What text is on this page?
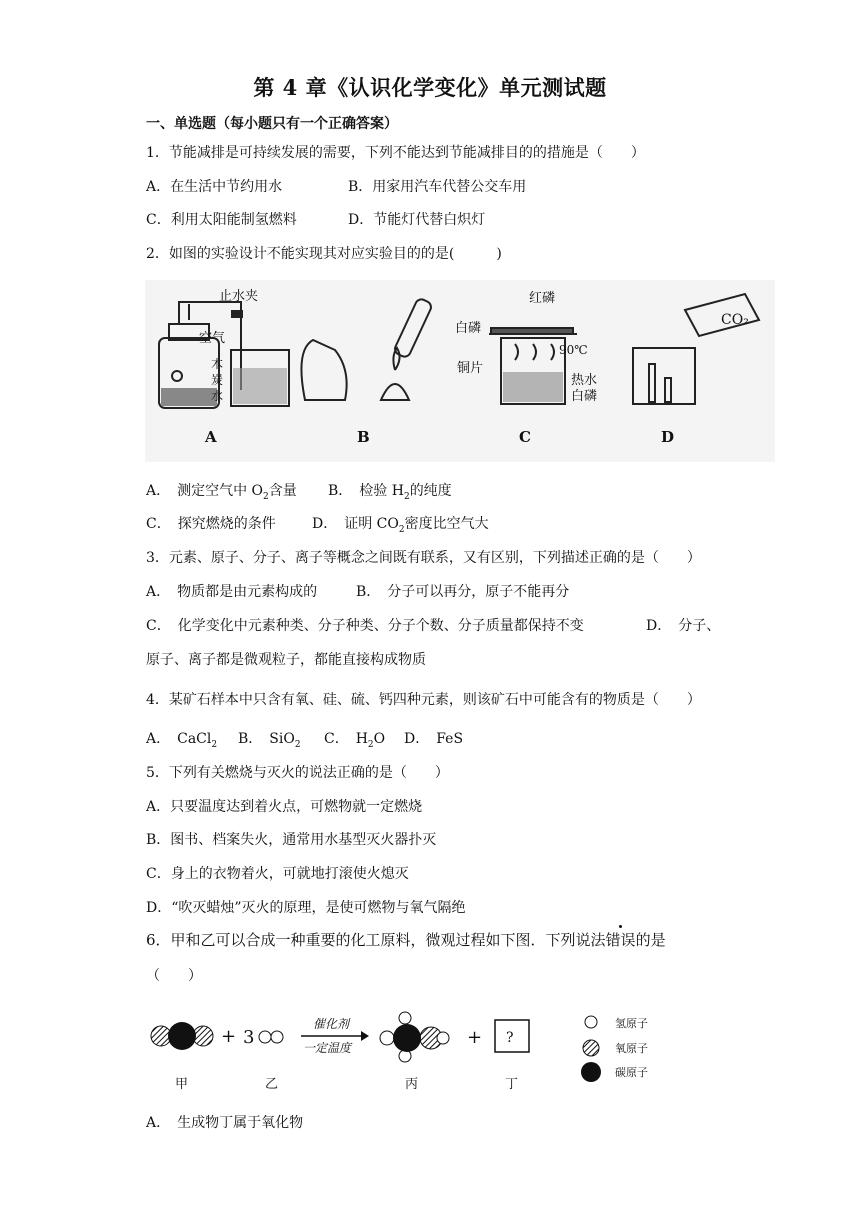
第 4 章《认识化学变化》单元测试题
一、单选题（每小题只有一个正确答案）
1．节能减排是可持续发展的需要，下列不能达到节能减排目的的措施是（　　）
A．在生活中节约用水	B．用家用汽车代替公交车用
C．利用太阳能制氢燃料	D．节能灯代替白炽灯
2．如图的实验设计不能实现其对应实验目的的是(　　　)
止水夹
空气
木
炭
水
A	B
红磷
白磷
铜片
90℃
热水
白磷
C
CO₂
D
A．　测定空气中 $O_2$含量 B．　检验 $H_2$的纯度
C．　探究燃烧的条件	D．　证明 $CO_2$密度比空气大
3．元素、原子、分子、离子等概念之间既有联系，又有区别，下列描述正确的是（　　）
A．　物质都是由元素构成的	B．　分子可以再分，原子不能再分
C．　化学变化中元素种类、分子种类、分子个数、分子质量都保持不变	D．　分子、
原子、离子都是微观粒子，都能直接构成物质
4．某矿石样本中只含有氧、硅、硫、钙四种元素，则该矿石中可能含有的物质是（　　）
A．　CaCl$_2$ B．　SiO$_2$ C．　$H_2O$ D．　FeS
5．下列有关燃烧与灭火的说法正确的是（　　）
A．只要温度达到着火点，可燃物就一定燃烧
B．图书、档案失火，通常用水基型灭火器扑灭
C．身上的衣物着火，可就地打滚使火熄灭
D．“吹灭蜡烛”灭火的原理，是使可燃物与氧气隔绝
6．甲和乙可以合成一种重要的化工原料，微观过程如下图．下列说法错误的是
（　　）
+ 3
催化剂
一定温度	+ ?
氢原子
氧原子
碳原子
甲	乙	丙	丁
A．　生成物丁属于氧化物
